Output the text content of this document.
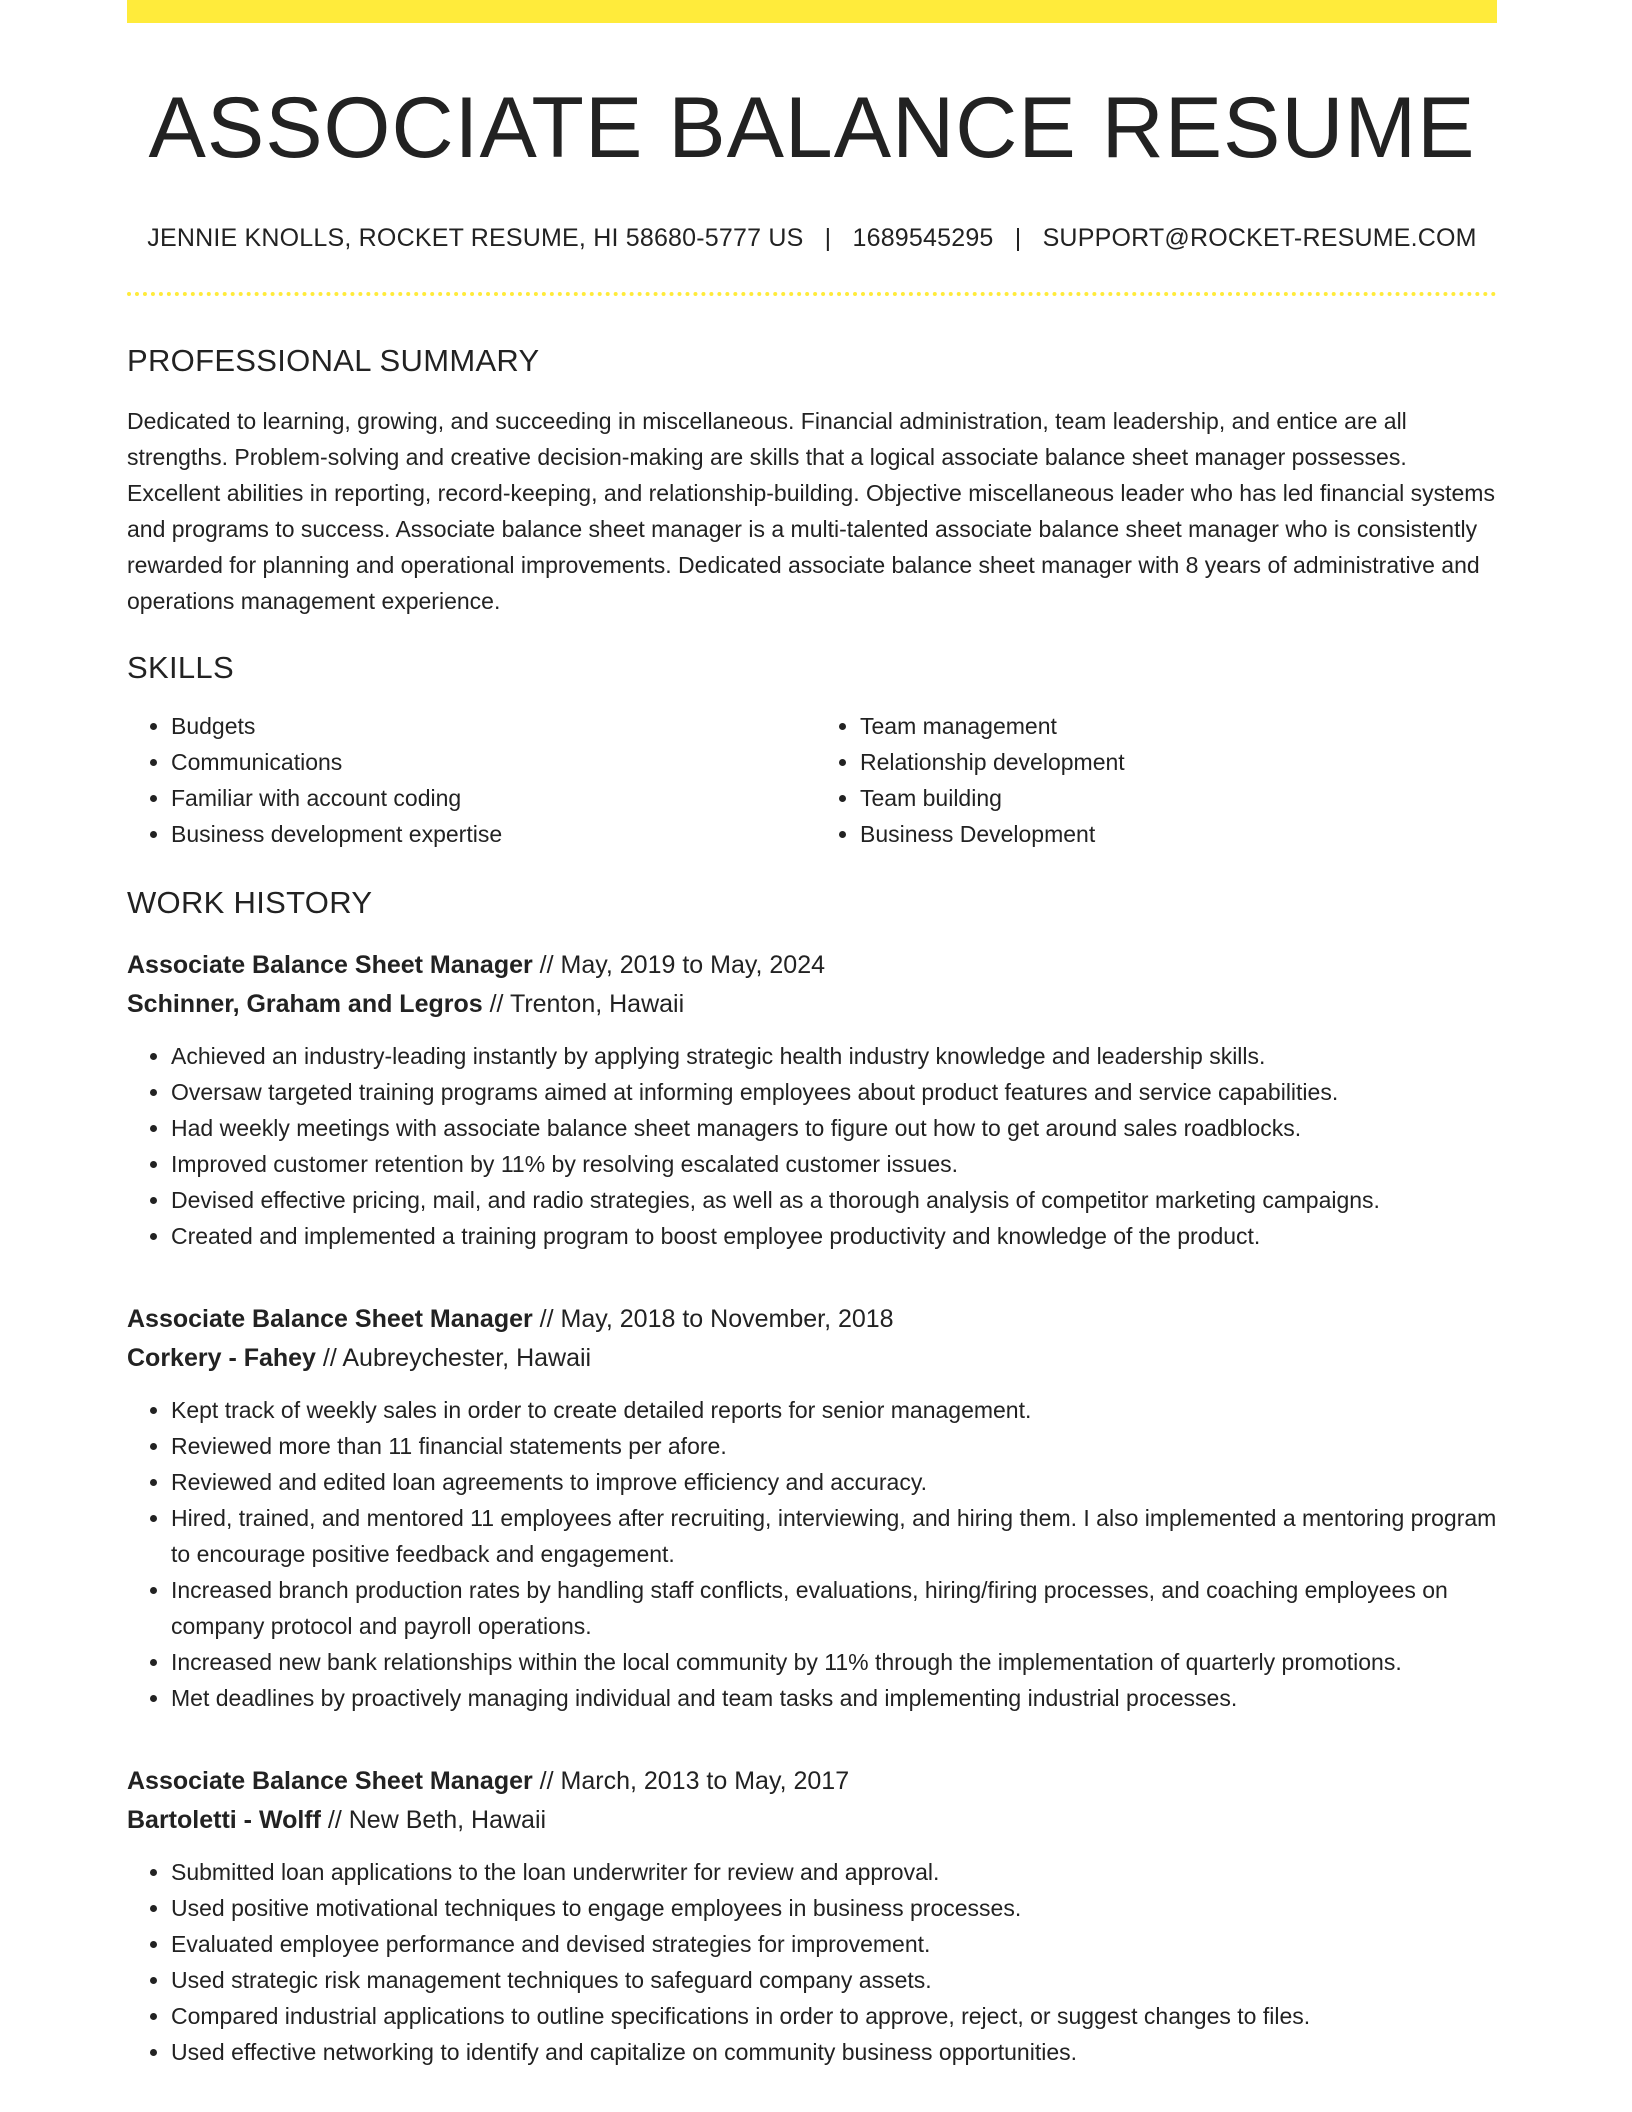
ASSOCIATE BALANCE RESUME
JENNIE KNOLLS, ROCKET RESUME, HI 58680-5777 US | 1689545295 | SUPPORT@ROCKET-RESUME.COM
PROFESSIONAL SUMMARY

Dedicated to learning, growing, and succeeding in miscellaneous. Financial administration, team leadership, and entice are all strengths. Problem-solving and creative decision-making are skills that a logical associate balance sheet manager possesses. Excellent abilities in reporting, record-keeping, and relationship-building. Objective miscellaneous leader who has led financial systems and programs to success. Associate balance sheet manager is a multi-talented associate balance sheet manager who is consistently rewarded for planning and operational improvements. Dedicated associate balance sheet manager with 8 years of administrative and operations management experience.

SKILLS
• Budgets
• Communications
• Familiar with account coding
• Business development expertise
• Team management
• Relationship development
• Team building
• Business Development
WORK HISTORY
Associate Balance Sheet Manager // May, 2019 to May, 2024
Schinner, Graham and Legros // Trenton, Hawaii
• Achieved an industry-leading instantly by applying strategic health industry knowledge and leadership skills.
• Oversaw targeted training programs aimed at informing employees about product features and service capabilities.
• Had weekly meetings with associate balance sheet managers to figure out how to get around sales roadblocks.
• Improved customer retention by 11% by resolving escalated customer issues.
• Devised effective pricing, mail, and radio strategies, as well as a thorough analysis of competitor marketing campaigns.
• Created and implemented a training program to boost employee productivity and knowledge of the product.
Associate Balance Sheet Manager // May, 2018 to November, 2018
Corkery - Fahey // Aubreychester, Hawaii
• Kept track of weekly sales in order to create detailed reports for senior management.
• Reviewed more than 11 financial statements per afore.
• Reviewed and edited loan agreements to improve efficiency and accuracy.
• Hired, trained, and mentored 11 employees after recruiting, interviewing, and hiring them. I also implemented a mentoring program to encourage positive feedback and engagement.
• Increased branch production rates by handling staff conflicts, evaluations, hiring/firing processes, and coaching employees on company protocol and payroll operations.
• Increased new bank relationships within the local community by 11% through the implementation of quarterly promotions.
• Met deadlines by proactively managing individual and team tasks and implementing industrial processes.
Associate Balance Sheet Manager // March, 2013 to May, 2017
Bartoletti - Wolff // New Beth, Hawaii
• Submitted loan applications to the loan underwriter for review and approval.
• Used positive motivational techniques to engage employees in business processes.
• Evaluated employee performance and devised strategies for improvement.
• Used strategic risk management techniques to safeguard company assets.
• Compared industrial applications to outline specifications in order to approve, reject, or suggest changes to files.
• Used effective networking to identify and capitalize on community business opportunities.
